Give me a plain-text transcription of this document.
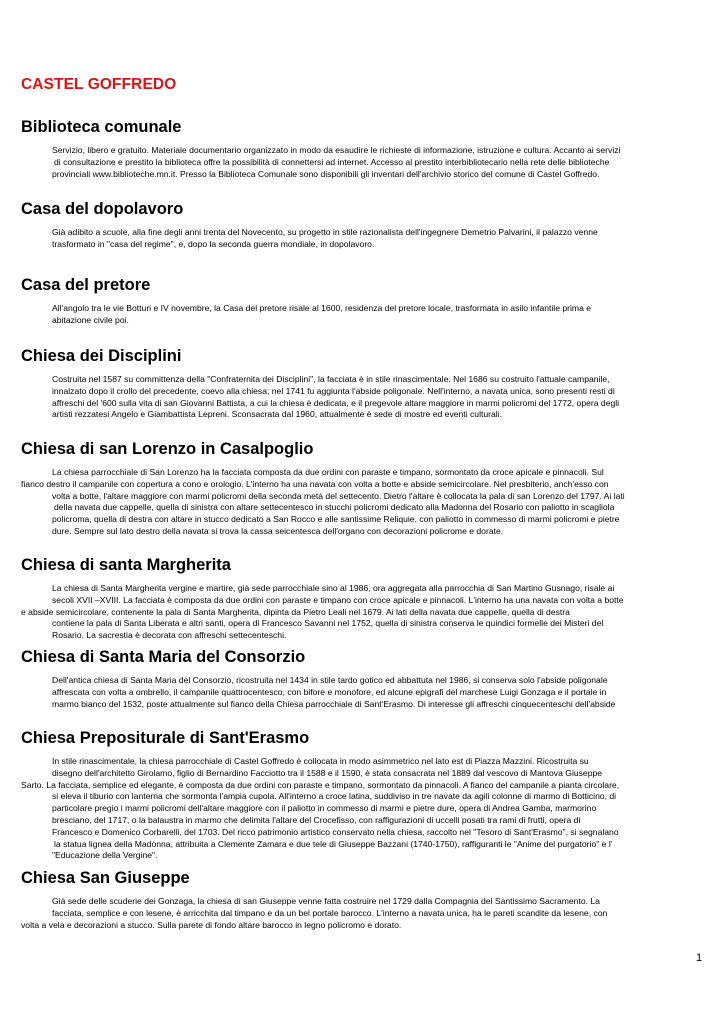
CASTEL GOFFREDO
Biblioteca comunale
Servizio, libero e gratuito. Materiale documentario organizzato in modo da esaudire le richieste di informazione, istruzione e cultura. Accanto ai servizi
di consultazione e prestito la biblioteca offre la possibilità di connettersi ad internet. Accesso al prestito interbibliotecario nella rete delle biblioteche
provinciali www.biblioteche.mn.it. Presso la Biblioteca Comunale sono disponibili gli inventari dell'archivio storico del comune di Castel Goffredo.
Casa del dopolavoro
Già adibito a scuole, alla fine degli anni trenta del Novecento, su progetto in stile razionalista dell'ingegnere Demetrio Palvarini, il palazzo venne
trasformato in "casa del regime", e, dopo la seconda guerra mondiale, in dopolavoro.
Casa del pretore
All'angolo tra le vie Botturi e IV novembre, la Casa del pretore risale al 1600, residenza del pretore locale, trasformata in asilo infantile prima e
abitazione civile poi.
Chiesa dei Disciplini
Costruita nel 1587 su committenza della "Confraternita dei Disciplini", la facciata è in stile rinascimentale. Nel 1686 su costruito l'attuale campanile,
innalzato dopo il crollo del precedente, coevo alla chiesa; nel 1741 fu aggiunta l'abside poligonale. Nell'interno, a navata unica, sono presenti resti di
affreschi del '600 sulla vita di san Giovanni Battista, a cui la chiesa è dedicata, e il pregevole altare maggiore in marmi policromi del 1772, opera degli
artisti rezzatesi Angelo e Giambattista Lepreni. Sconsacrata dal 1960, attualmente è sede di mostre ed eventi culturali.
Chiesa di san Lorenzo in Casalpoglio
La chiesa parrocchiale di San Lorenzo ha la facciata composta da due ordini con paraste e timpano, sormontato da croce apicale e pinnacoli. Sul
fianco destro il campanile con copertura a cono e orologio. L'interno ha una navata con volta a botte e abside semicircolare. Nel presbiterio, anch'esso con
volta a botte, l'altare maggiore con marmi policromi della seconda metà del settecento. Dietro l'altare è collocata la pala di san Lorenzo del 1797. Ai lati
della navata due cappelle, quella di sinistra con altare settecentesco in stucchi policromi dedicato alla Madonna del Rosario con paliotto in scagliola
policroma, quella di destra con altare in stucco dedicato a San Rocco e alle santissime Reliquie, con paliotto in commesso di marmi policromi e pietre
dure. Sempre sul lato destro della navata si trova la cassa seicentesca dell'organo con decorazioni policrome e dorate.
Chiesa di santa Margherita
La chiesa di Santa Margherita vergine e martire, già sede parrocchiale sino al 1986, ora aggregata alla parrocchia di San Martino Gusnago, risale ai
secoli XVII –XVIII. La facciata è composta da due ordini con paraste e timpano con croce apicale e pinnacoli. L'interno ha una navata con volta a botte
e abside semicircolare, contenente la pala di Santa Margherita, dipinta da Pietro Leali nel 1679. Ai lati della navata due cappelle, quella di destra
contiene la pala di Santa Liberata e altri santi, opera di Francesco Savanni nel 1752, quella di sinistra conserva le quindici formelle dei Misteri del
Rosario. La sacrestia è decorata con affreschi settecenteschi.
Chiesa di Santa Maria del Consorzio
Dell'antica chiesa di Santa Maria del Consorzio, ricostruita nel 1434 in stile tardo gotico ed abbattuta nel 1986, si conserva solo l'abside poligonale
affrescata con volta a ombrello, il campanile quattrocentesco, con bifore e monofore, ed alcune epigrafi del marchese Luigi Gonzaga e il portale in
marmo bianco del 1532, poste attualmente sul fianco della Chiesa parrocchiale di Sant'Erasmo. Di interesse gli affreschi cinquecenteschi dell'abside
Chiesa Prepositurale di Sant'Erasmo
In stile rinascimentale, la chiesa parrocchiale di Castel Goffredo è collocata in modo asimmetrico nel lato est di Piazza Mazzini. Ricostruita su
disegno dell'architetto Girolamo, figlio di Bernardino Facciotto tra il 1588 e il 1590, è stata consacrata nel 1889 dal vescovo di Mantova Giuseppe
Sarto. La facciata, semplice ed elegante, è composta da due ordini con paraste e timpano, sormontato da pinnacoli. A fianco del campanile a pianta circolare,
si eleva il tiburio con lanterna che sormonta l'ampia cupola. All'interno a croce latina, suddiviso in tre navate da agili colonne di marmo di Botticino, di
particolare pregio i marmi policromi dell'altare maggiore con il paliotto in commesso di marmi e pietre dure, opera di Andrea Gamba, marmorino
bresciano, del 1717, o la balaustra in marmo che delimita l'altare del Crocefisso, con raffigurazioni di uccelli posati tra rami di frutti, opera di
Francesco e Domenico Corbarelli, del 1703. Del ricco patrimonio artistico conservato nella chiesa, raccolto nel "Tesoro di Sant'Erasmo", si segnalano
la statua lignea della Madonna, attribuita a Clemente Zamara e due tele di Giuseppe Bazzani (1740-1750), raffiguranti le "Anime del purgatorio" e l'
"Educazione della Vergine".
Chiesa San Giuseppe
Già sede delle scuderie dei Gonzaga, la chiesa di san Giuseppe venne fatta costruire nel 1729 dalla Compagnia del Santissimo Sacramento. La
facciata, semplice e con lesene, è arricchita dal timpano e da un bel portale barocco. L'interno a navata unica, ha le pareti scandite da lesene, con
volta a vela e decorazioni a stucco. Sulla parete di fondo altare barocco in legno policromo e dorato.
1
